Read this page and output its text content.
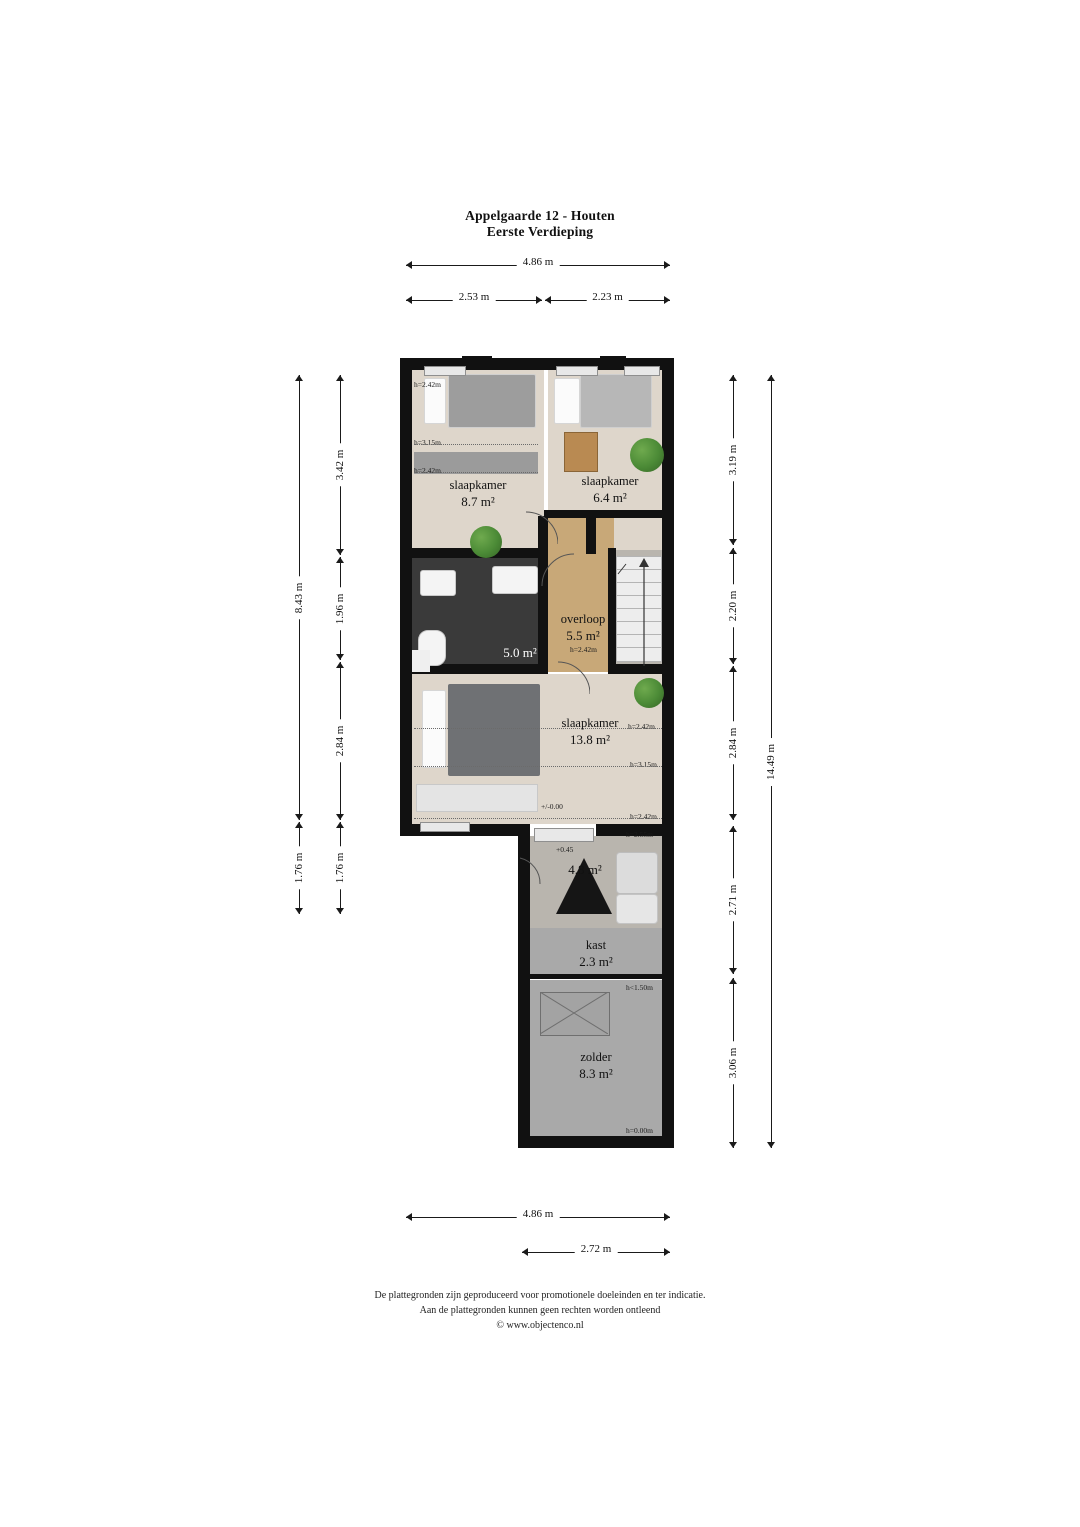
Appelgaarde 12 - Houten
Eerste Verdieping
4.86 m
2.53 m	2.23 m
8.43 m
1.76 m
3.42 m
1.96 m
2.84 m
1.76 m
3.19 m
2.20 m
2.84 m
2.71 m
3.06 m
14.49 m
slaapkamer
8.7 m²
slaapkamer
6.4 m²
overloop
5.5 m²
5.0 m²
slaapkamer
13.8 m²
4.8 m²
kast
2.3 m²
zolder
8.3 m²
h=2.42m
h=3.15m
h=2.42m
h=2.42m
h=2.42m
h=3.15m
h=2.42m
+/-0.00
h=2.55m
+0.45
h<1.50m
h=0.00m
4.86 m
2.72 m
De plattegronden zijn geproduceerd voor promotionele doeleinden en ter indicatie.
Aan de plattegronden kunnen geen rechten worden ontleend
© www.objectenco.nl
